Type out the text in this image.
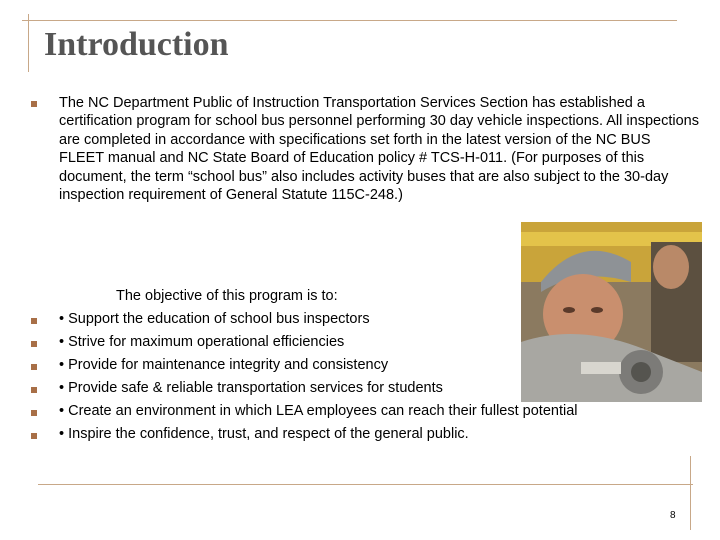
Introduction

The NC Department Public of Instruction Transportation Services Section has established a certification program for school bus personnel performing 30 day vehicle inspections. All inspections are completed in accordance with specifications set forth in the latest version of the NC BUS FLEET manual and NC State Board of Education policy # TCS-H-011. (For purposes of this document, the term “school bus” also includes activity buses that are also subject to the 30-day inspection requirement of General Statute 115C-248.)

The objective of this program is to:
• Support the education of school bus inspectors
• Strive for maximum operational efficiencies
• Provide for maintenance integrity and consistency
• Provide safe & reliable transportation services for students
• Create an environment in which LEA employees can reach their fullest potential
• Inspire the confidence, trust, and respect of the general public.
8
